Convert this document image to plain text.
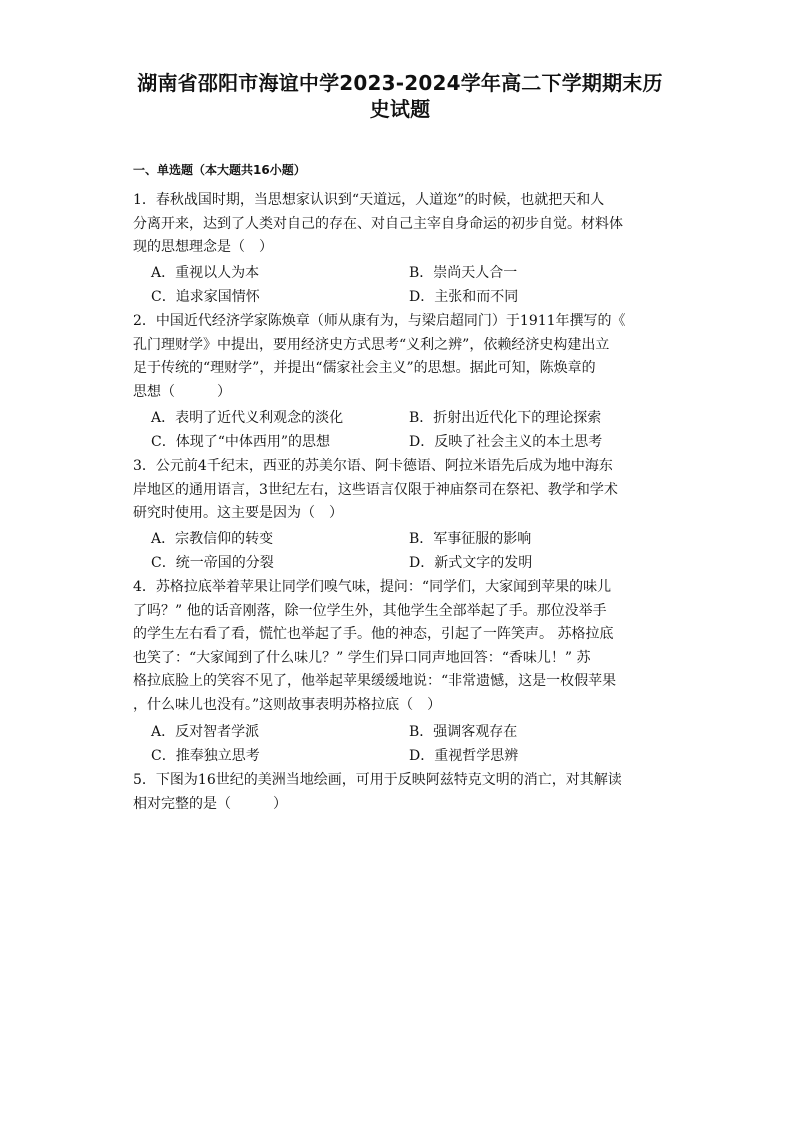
湖南省邵阳市海谊中学2023-2024学年高二下学期期末历
史试题
一、单选题（本大题共16小题）
1．春秋战国时期，当思想家认识到“天道远，人道迩”的时候，也就把天和人
分离开来，达到了人类对自己的存在、对自己主宰自身命运的初步自觉。材料体
现的思想理念是（　）
A．重视以人为本	B．崇尚天人合一
C．追求家国情怀	D．主张和而不同
2．中国近代经济学家陈焕章（师从康有为，与梁启超同门）于1911年撰写的《
孔门理财学》中提出，要用经济史方式思考“义利之辨”，依赖经济史构建出立
足于传统的“理财学”，并提出“儒家社会主义”的思想。据此可知，陈焕章的
思想（　　　）
A．表明了近代义利观念的淡化	B．折射出近代化下的理论探索
C．体现了“中体西用”的思想	D．反映了社会主义的本土思考
3．公元前4千纪末，西亚的苏美尔语、阿卡德语、阿拉米语先后成为地中海东
岸地区的通用语言，3世纪左右，这些语言仅限于神庙祭司在祭祀、教学和学术
研究时使用。这主要是因为（　）
A．宗教信仰的转变	B．军事征服的影响
C．统一帝国的分裂	D．新式文字的发明
4．苏格拉底举着苹果让同学们嗅气味，提问：“同学们，大家闻到苹果的味儿
了吗？” 他的话音刚落，除一位学生外，其他学生全部举起了手。那位没举手
的学生左右看了看，慌忙也举起了手。他的神态，引起了一阵笑声。 苏格拉底
也笑了：“大家闻到了什么味儿？” 学生们异口同声地回答：“香味儿！” 苏
格拉底脸上的笑容不见了，他举起苹果缓缓地说：“非常遗憾，这是一枚假苹果
，什么味儿也没有。”这则故事表明苏格拉底（　）
A．反对智者学派	B．强调客观存在
C．推奉独立思考	D．重视哲学思辨
5．下图为16世纪的美洲当地绘画，可用于反映阿兹特克文明的消亡，对其解读
相对完整的是（　　　）
